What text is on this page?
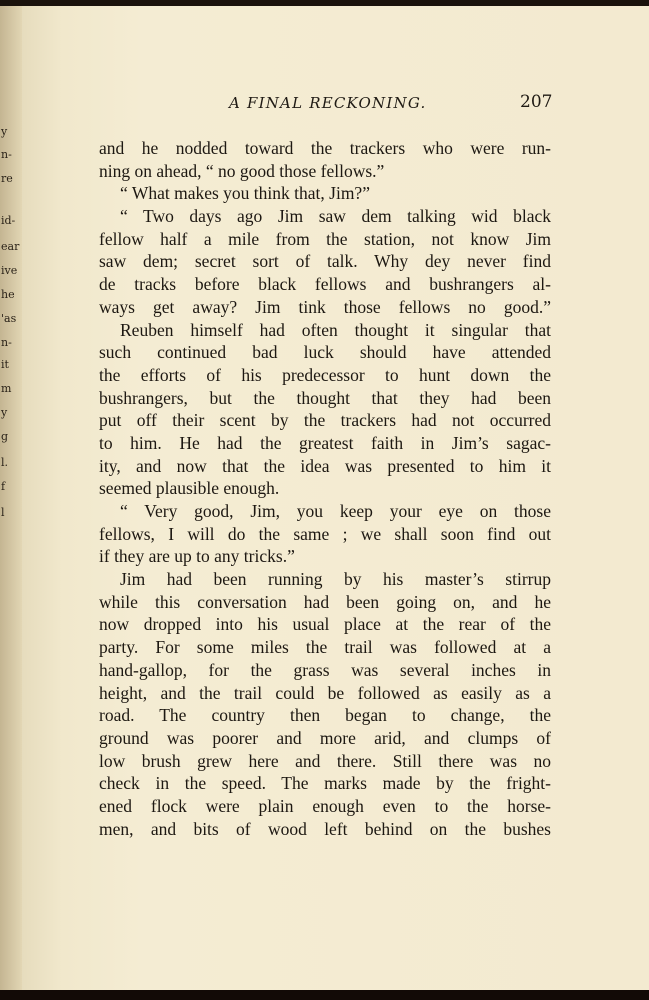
y
n-
re
id-
ear
ive
he
'as
n-
it
m
y
g
l.
f
l
A FINAL RECKONING.	207
and he nodded toward the trackers who were run-
ning on ahead, “ no good those fellows.”
“ What makes you think that, Jim?”
“ Two days ago Jim saw dem talking wid black
fellow half a mile from the station, not know Jim
saw dem; secret sort of talk. Why dey never find
de tracks before black fellows and bushrangers al-
ways get away? Jim tink those fellows no good.”
Reuben himself had often thought it singular that
such continued bad luck should have attended
the efforts of his predecessor to hunt down the
bushrangers, but the thought that they had been
put off their scent by the trackers had not occurred
to him. He had the greatest faith in Jim’s sagac-
ity, and now that the idea was presented to him it
seemed plausible enough.
“ Very good, Jim, you keep your eye on those
fellows, I will do the same ; we shall soon find out
if they are up to any tricks.”
Jim had been running by his master’s stirrup
while this conversation had been going on, and he
now dropped into his usual place at the rear of the
party. For some miles the trail was followed at a
hand-gallop, for the grass was several inches in
height, and the trail could be followed as easily as a
road. The country then began to change, the
ground was poorer and more arid, and clumps of
low brush grew here and there. Still there was no
check in the speed. The marks made by the fright-
ened flock were plain enough even to the horse-
men, and bits of wood left behind on the bushes
